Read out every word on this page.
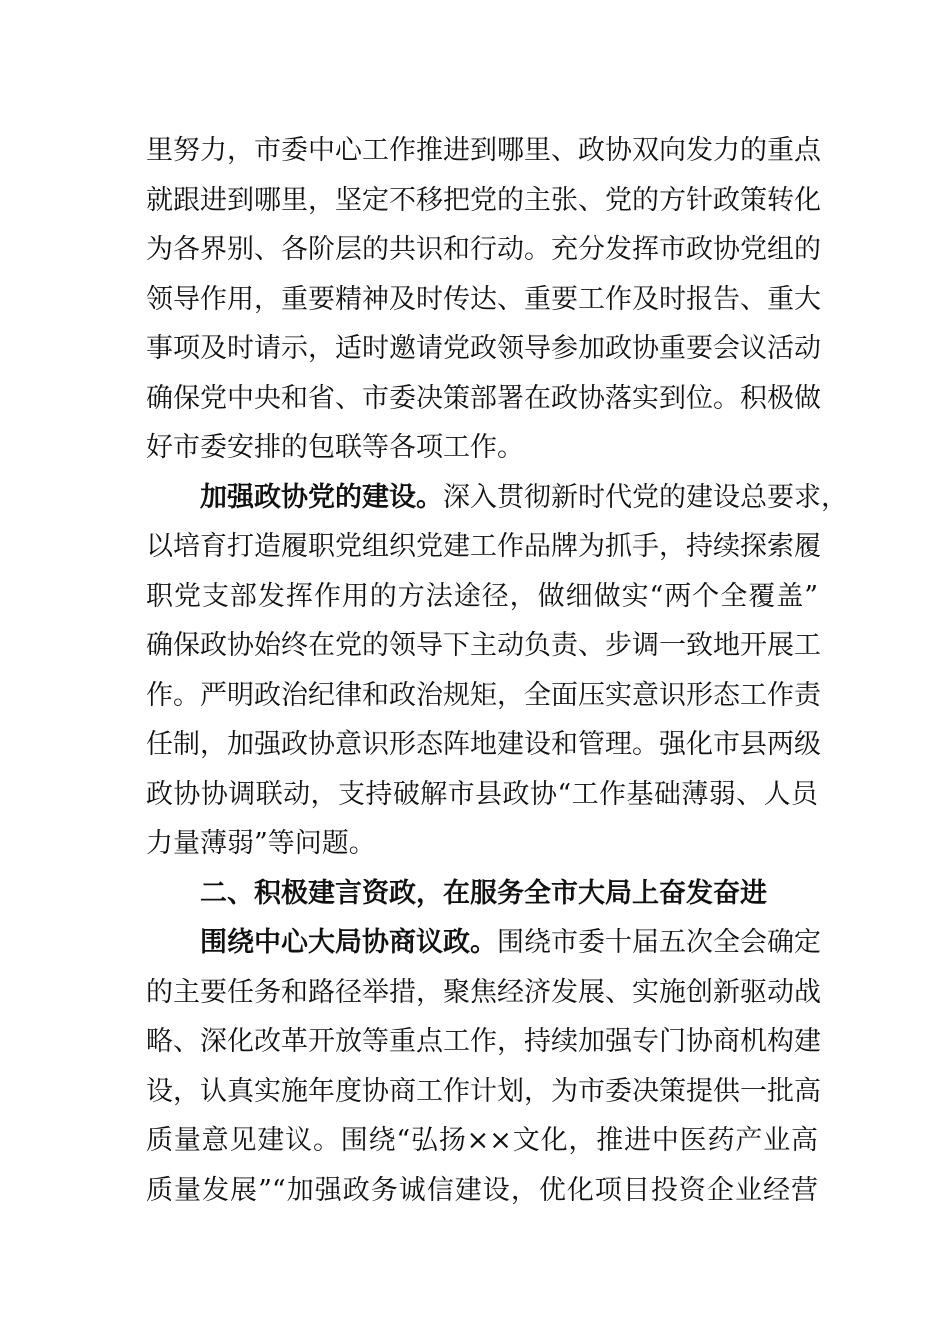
里努力，市委中心工作推进到哪里、政协双向发力的重点
就跟进到哪里，坚定不移把党的主张、党的方针政策转化
为各界别、各阶层的共识和行动。充分发挥市政协党组的
领导作用，重要精神及时传达、重要工作及时报告、重大
事项及时请示，适时邀请党政领导参加政协重要会议活动
确保党中央和省、市委决策部署在政协落实到位。积极做
好市委安排的包联等各项工作。
加强政协党的建设。深入贯彻新时代党的建设总要求，
以培育打造履职党组织党建工作品牌为抓手，持续探索履
职党支部发挥作用的方法途径，做细做实“两个全覆盖”
确保政协始终在党的领导下主动负责、步调一致地开展工
作。严明政治纪律和政治规矩，全面压实意识形态工作责
任制，加强政协意识形态阵地建设和管理。强化市县两级
政协协调联动，支持破解市县政协“工作基础薄弱、人员
力量薄弱”等问题。
二、积极建言资政，在服务全市大局上奋发奋进
围绕中心大局协商议政。围绕市委十届五次全会确定
的主要任务和路径举措，聚焦经济发展、实施创新驱动战
略、深化改革开放等重点工作，持续加强专门协商机构建
设，认真实施年度协商工作计划，为市委决策提供一批高
质量意见建议。围绕“弘扬××文化，推进中医药产业高
质量发展”“加强政务诚信建设，优化项目投资企业经营
